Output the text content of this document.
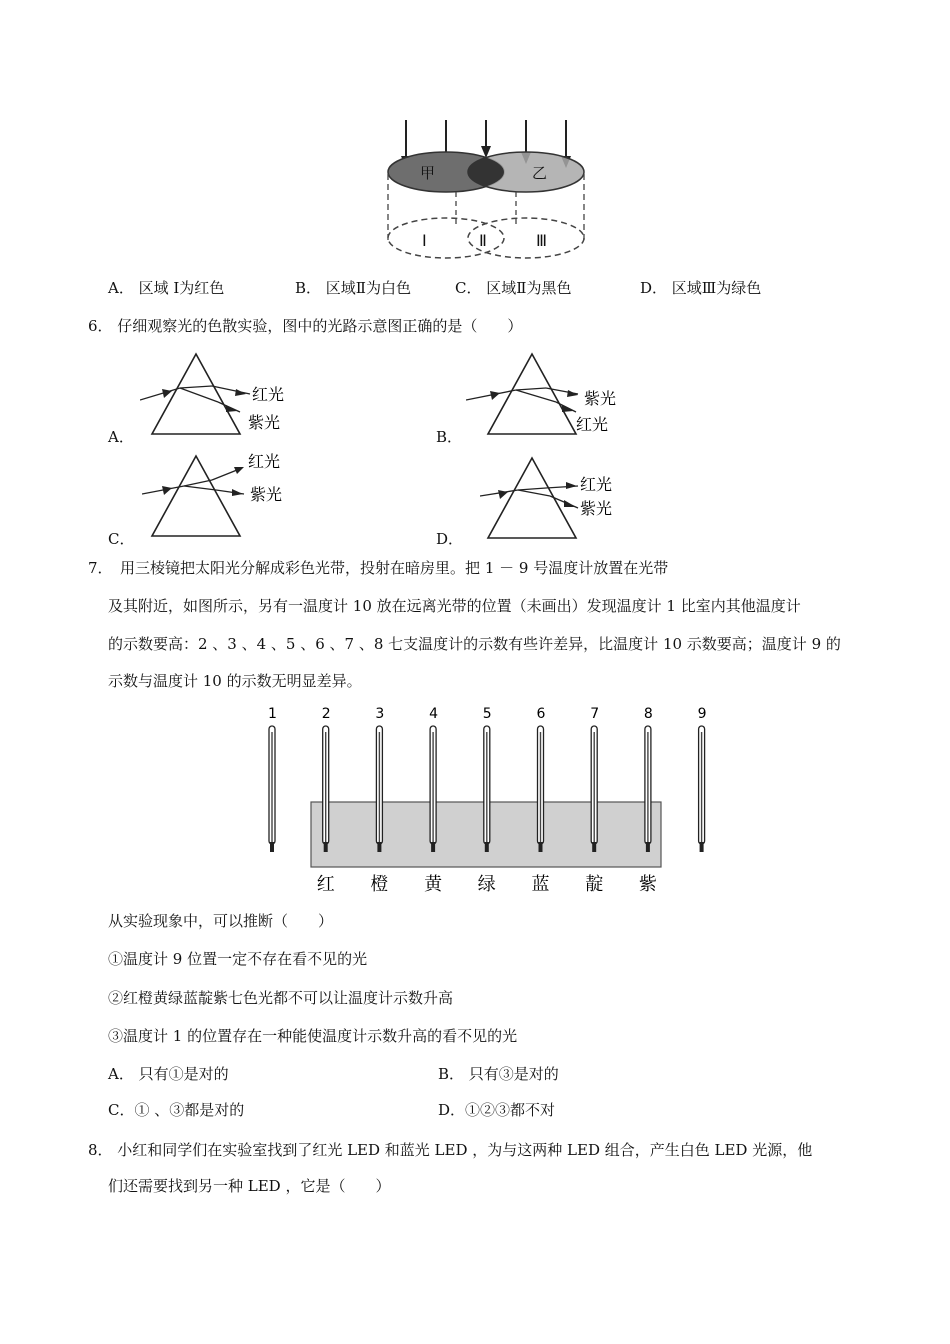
甲	乙
Ⅰ	Ⅱ	Ⅲ
A． 区域 Ⅰ为红色	B． 区域Ⅱ为白色	C． 区域Ⅱ为黑色	D． 区域Ⅲ为绿色
6． 仔细观察光的色散实验，图中的光路示意图正确的是（　　）
红光
紫光
A．
紫光
红光
B．
红光
紫光
C．
红光
紫光
D．
7．　用三棱镜把太阳光分解成彩色光带，投射在暗房里。把 1 － 9 号温度计放置在光带
及其附近，如图所示，另有一温度计 10 放在远离光带的位置（未画出）发现温度计 1 比室内其他温度计
的示数要高：2 、3 、4 、5 、6 、7 、8 七支温度计的示数有些许差异，比温度计 10 示数要高；温度计 9 的
示数与温度计 10 的示数无明显差异。
1	2	3	4	5	6	7	8	9
红 橙 黄 绿 蓝 靛 紫
从实验现象中，可以推断（　　）
①温度计 9 位置一定不存在看不见的光
②红橙黄绿蓝靛紫七色光都不可以让温度计示数升高
③温度计 1 的位置存在一种能使温度计示数升高的看不见的光
A． 只有①是对的	B． 只有③是对的
C．① 、③都是对的	D．①②③都不对
8． 小红和同学们在实验室找到了红光 LED 和蓝光 LED ，为与这两种 LED 组合，产生白色 LED 光源，他
们还需要找到另一种 LED ，它是（　　）
